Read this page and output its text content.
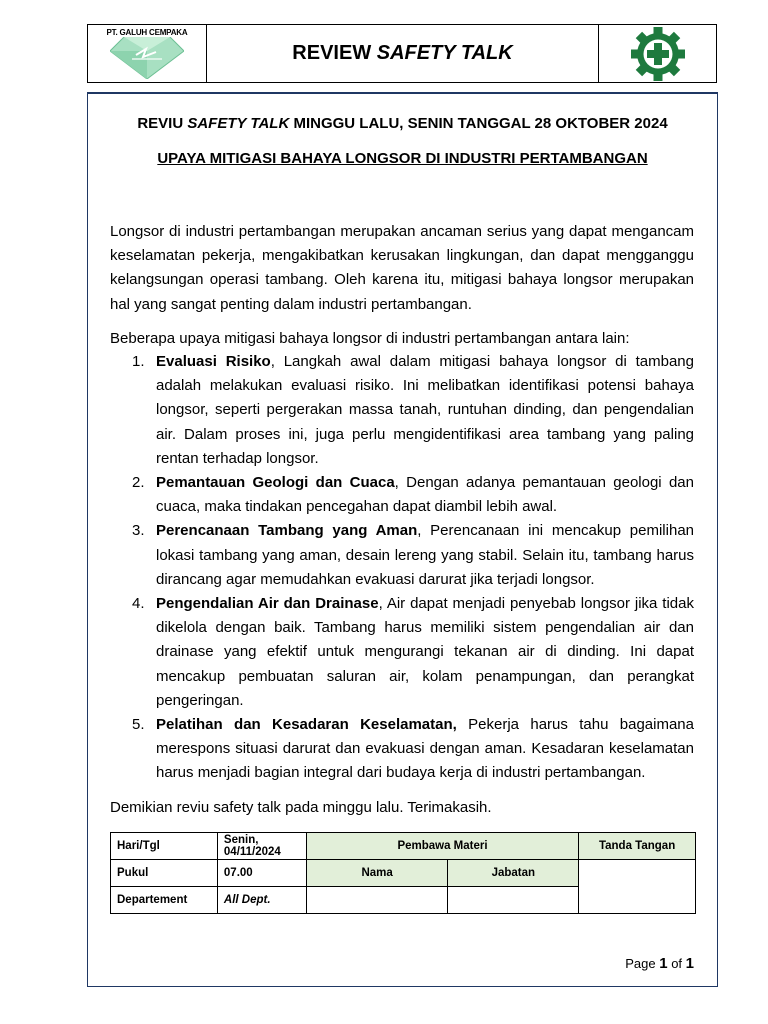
PT. GALUH CEMPAKA
REVIEW
SAFETY TALK
REVIU SAFETY TALK MINGGU LALU, SENIN TANGGAL 28 OKTOBER 2024
UPAYA MITIGASI BAHAYA LONGSOR DI INDUSTRI PERTAMBANGAN
Longsor di industri pertambangan merupakan ancaman serius yang dapat mengancam keselamatan pekerja, mengakibatkan kerusakan lingkungan, dan dapat mengganggu kelangsungan operasi tambang. Oleh karena itu, mitigasi bahaya longsor merupakan hal yang sangat penting dalam industri pertambangan.
Beberapa upaya mitigasi bahaya longsor di industri pertambangan antara lain:
1. Evaluasi Risiko, Langkah awal dalam mitigasi bahaya longsor di tambang adalah melakukan evaluasi risiko. Ini melibatkan identifikasi potensi bahaya longsor, seperti pergerakan massa tanah, runtuhan dinding, dan pengendalian air. Dalam proses ini, juga perlu mengidentifikasi area tambang yang paling rentan terhadap longsor.
2. Pemantauan Geologi dan Cuaca, Dengan adanya pemantauan geologi dan cuaca, maka tindakan pencegahan dapat diambil lebih awal.
3. Perencanaan Tambang yang Aman, Perencanaan ini mencakup pemilihan lokasi tambang yang aman, desain lereng yang stabil. Selain itu, tambang harus dirancang agar memudahkan evakuasi darurat jika terjadi longsor.
4. Pengendalian Air dan Drainase, Air dapat menjadi penyebab longsor jika tidak dikelola dengan baik. Tambang harus memiliki sistem pengendalian air dan drainase yang efektif untuk mengurangi tekanan air di dinding. Ini dapat mencakup pembuatan saluran air, kolam penampungan, dan perangkat pengeringan.
5. Pelatihan dan Kesadaran Keselamatan, Pekerja harus tahu bagaimana merespons situasi darurat dan evakuasi dengan aman. Kesadaran keselamatan harus menjadi bagian integral dari budaya kerja di industri pertambangan.
Demikian reviu safety talk pada minggu lalu. Terimakasih.
Hari/Tgl	Senin, 04/11/2024	Pembawa Materi		Tanda Tangan
Pukul	07.00	Nama	Jabatan	
Departement	All Dept.			
Page 1 of 1
